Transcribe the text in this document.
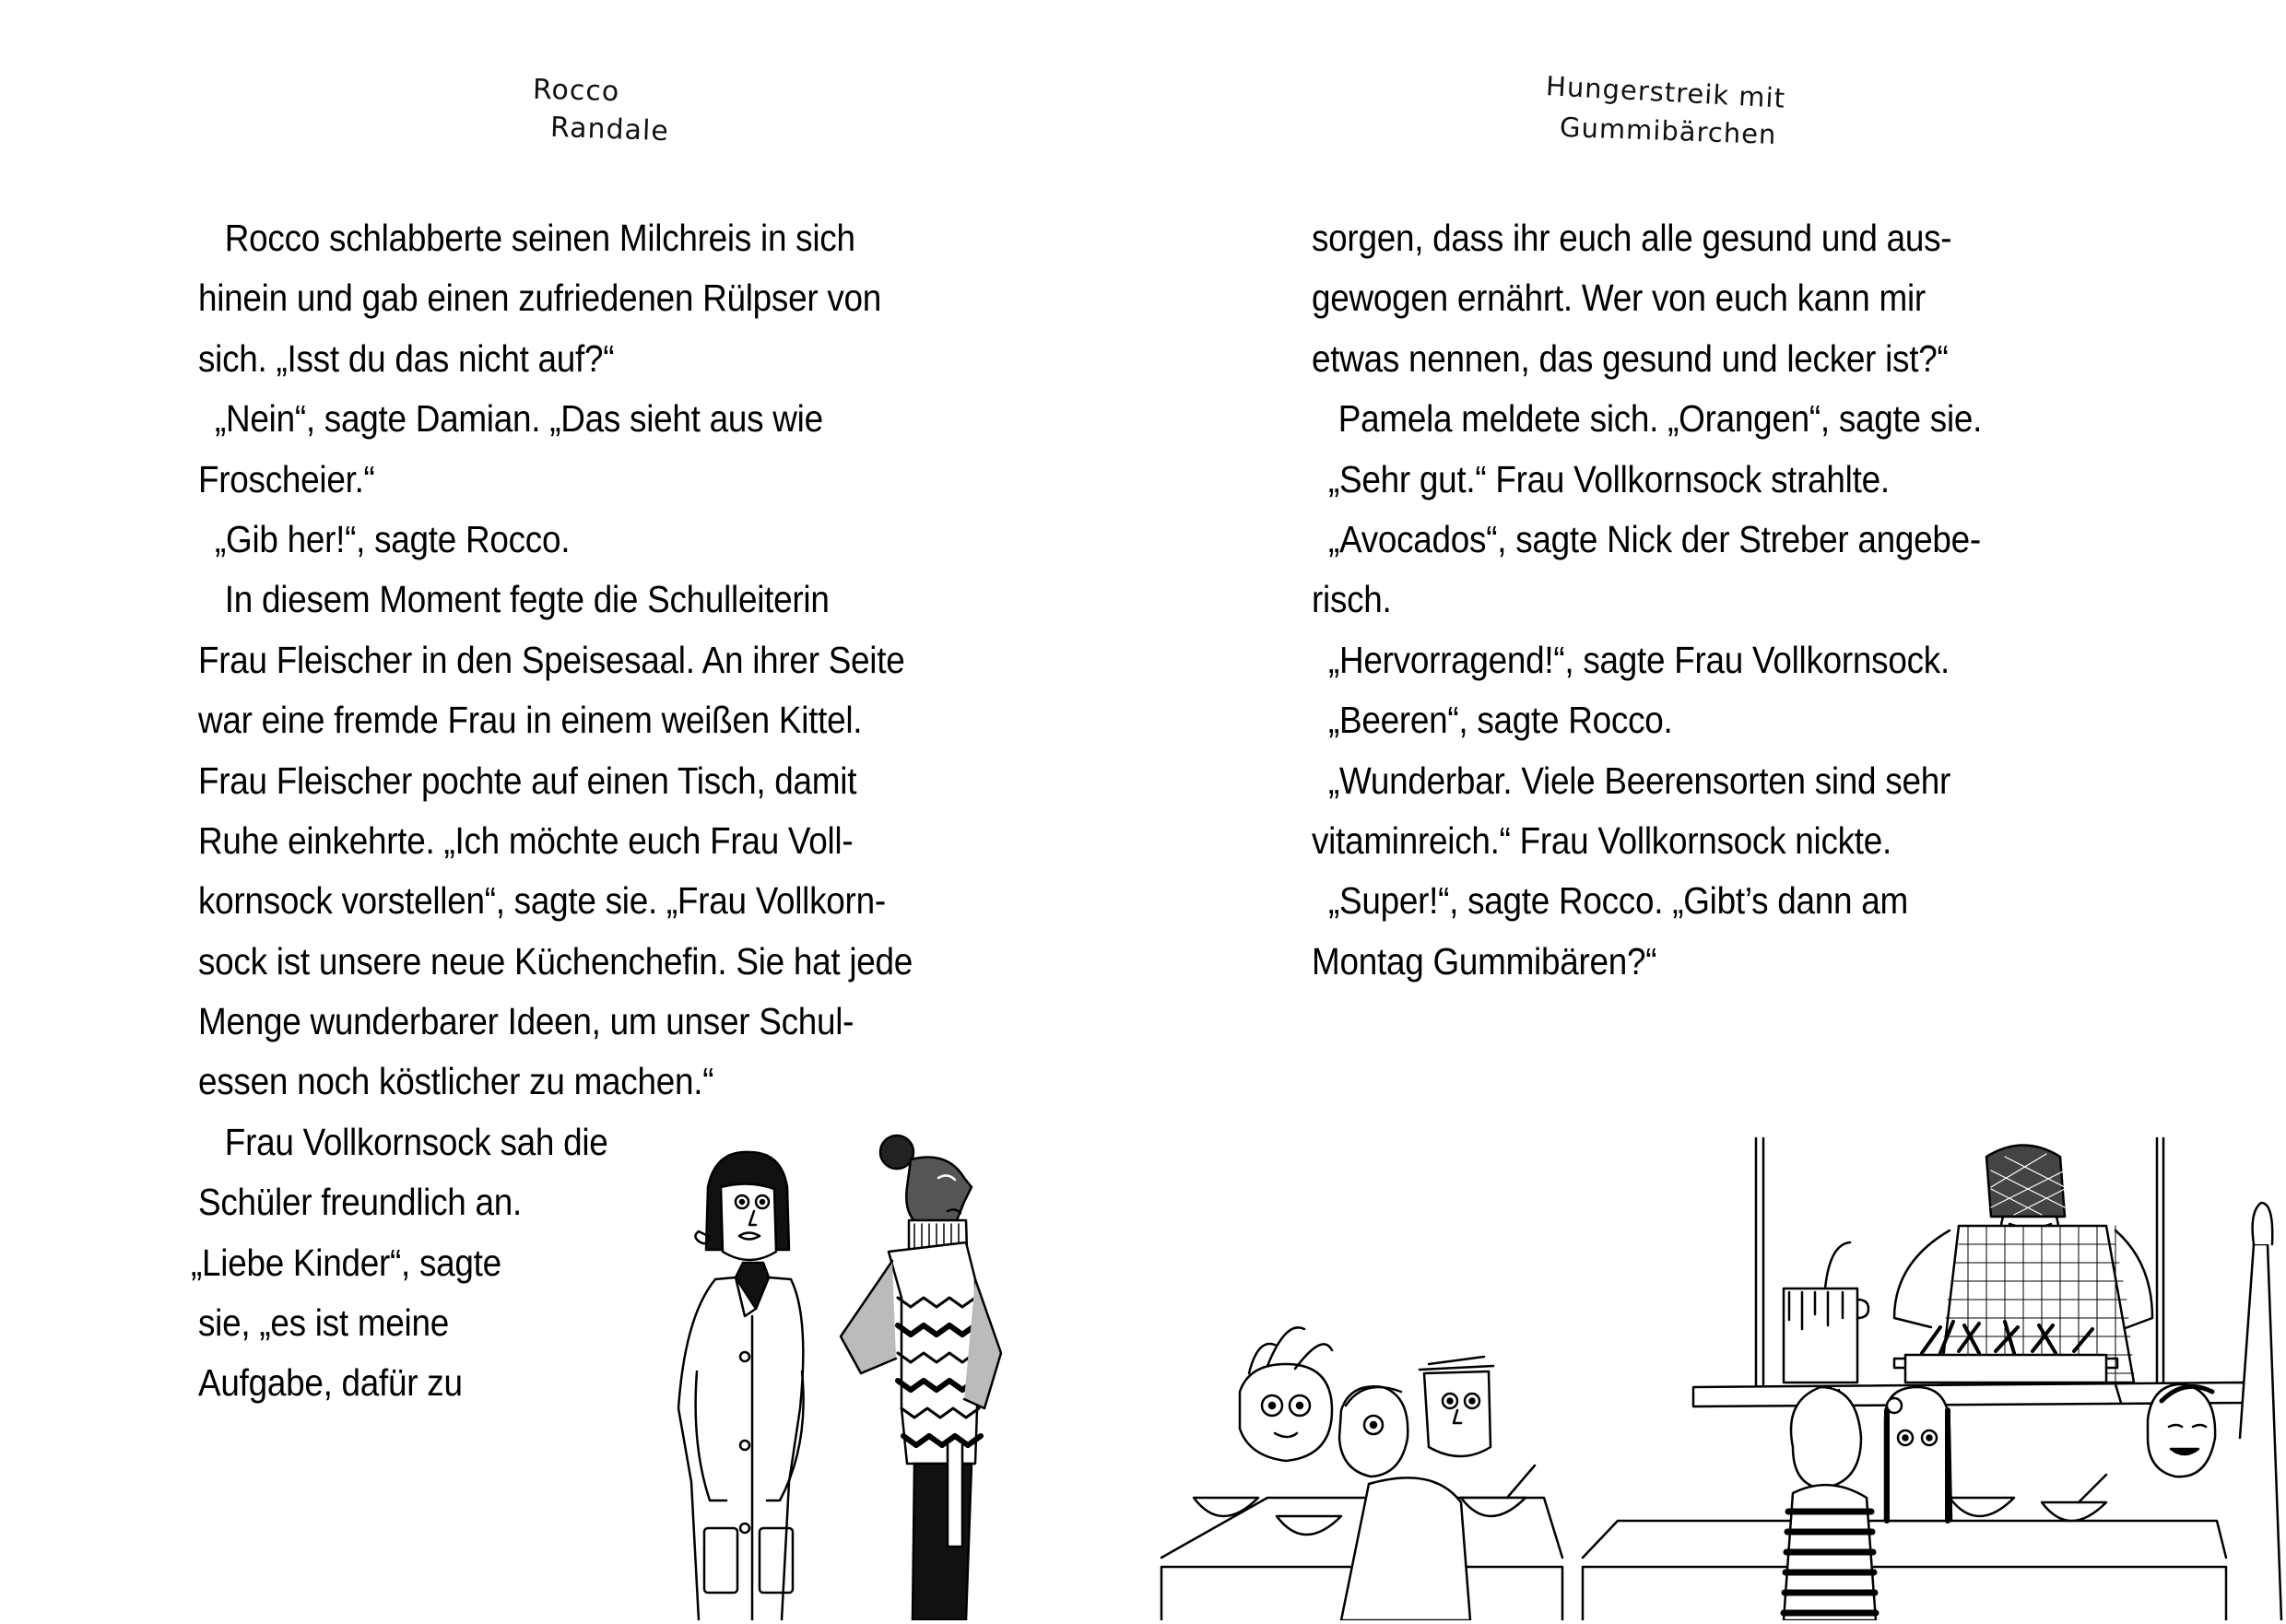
Rocco
Randale
Rocco schlabberte seinen Milchreis in sich
hinein und gab einen zufriedenen Rülpser von
sich. „Isst du das nicht auf?“
„Nein“, sagte Damian. „Das sieht aus wie
Froscheier.“
„Gib her!“, sagte Rocco.
In diesem Moment fegte die Schulleiterin
Frau Fleischer in den Speisesaal. An ihrer Seite
war eine fremde Frau in einem weißen Kittel.
Frau Fleischer pochte auf einen Tisch, damit
Ruhe einkehrte. „Ich möchte euch Frau Voll-
kornsock vorstellen“, sagte sie. „Frau Vollkorn-
sock ist unsere neue Küchenchefin. Sie hat jede
Menge wunderbarer Ideen, um unser Schul-
essen noch köstlicher zu machen.“
Frau Vollkornsock sah die
Schüler freundlich an.
„Liebe Kinder“, sagte
sie, „es ist meine
Aufgabe, dafür zu
Hungerstreik mit
Gummibärchen
sorgen, dass ihr euch alle gesund und aus-
gewogen ernährt. Wer von euch kann mir
etwas nennen, das gesund und lecker ist?“
Pamela meldete sich. „Orangen“, sagte sie.
„Sehr gut.“ Frau Vollkornsock strahlte.
„Avocados“, sagte Nick der Streber angebe-
risch.
„Hervorragend!“, sagte Frau Vollkornsock.
„Beeren“, sagte Rocco.
„Wunderbar. Viele Beerensorten sind sehr
vitaminreich.“ Frau Vollkornsock nickte.
„Super!“, sagte Rocco. „Gibt’s dann am
Montag Gummibären?“
